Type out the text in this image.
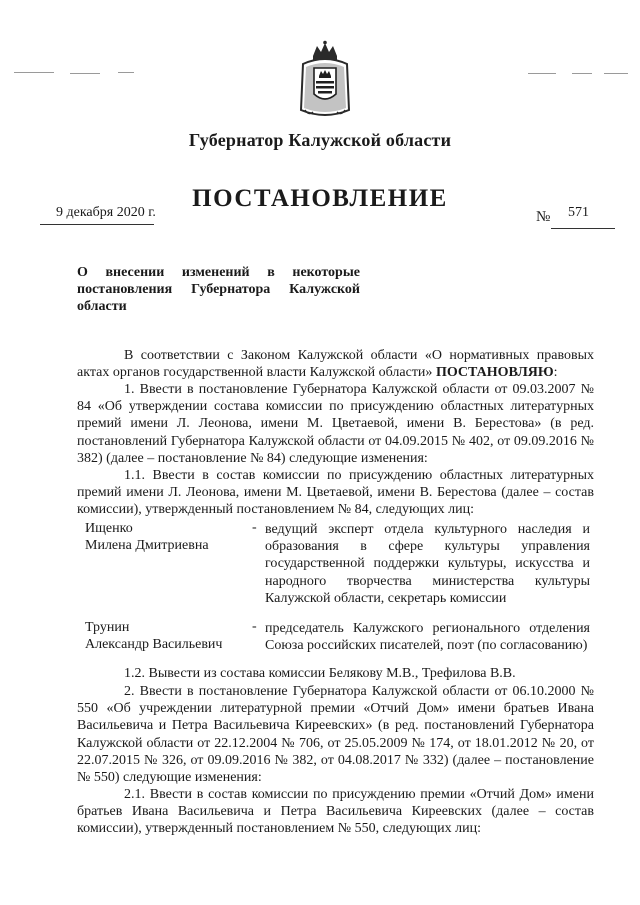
Губернатор Калужской области
ПОСТАНОВЛЕНИЕ
9 декабря 2020 г.	№ 571
О внесении изменений в некоторые постановления Губернатора Калужской области
В соответствии с Законом Калужской области «О нормативных правовых актах органов государственной власти Калужской области» ПОСТАНОВЛЯЮ:
1. Ввести в постановление Губернатора Калужской области от 09.03.2007 № 84 «Об утверждении состава комиссии по присуждению областных литературных премий имени Л. Леонова, имени М. Цветаевой, имени В. Берестова» (в ред. постановлений Губернатора Калужской области от 04.09.2015 № 402, от 09.09.2016 № 382) (далее – постановление № 84) следующие изменения:
1.1. Ввести в состав комиссии по присуждению областных литературных премий имени Л. Леонова, имени М. Цветаевой, имени В. Берестова (далее – состав комиссии), утвержденный постановлением № 84, следующих лиц:
Ищенко
Милена Дмитриевна
- ведущий эксперт отдела культурного наследия и образования в сфере культуры управления государственной поддержки культуры, искусства и народного творчества министерства культуры Калужской области, секретарь комиссии
Трунин
Александр Васильевич
- председатель Калужского регионального отделения Союза российских писателей, поэт (по согласованию)
1.2. Вывести из состава комиссии Белякову М.В., Трефилова В.В.
2. Ввести в постановление Губернатора Калужской области от 06.10.2000 № 550 «Об учреждении литературной премии «Отчий Дом» имени братьев Ивана Васильевича и Петра Васильевича Киреевских» (в ред. постановлений Губернатора Калужской области от 22.12.2004 № 706, от 25.05.2009 № 174, от 18.01.2012 № 20, от 22.07.2015 № 326, от 09.09.2016 № 382, от 04.08.2017 № 332) (далее – постановление № 550) следующие изменения:
2.1. Ввести в состав комиссии по присуждению премии «Отчий Дом» имени братьев Ивана Васильевича и Петра Васильевича Киреевских (далее – состав комиссии), утвержденный постановлением № 550, следующих лиц:
